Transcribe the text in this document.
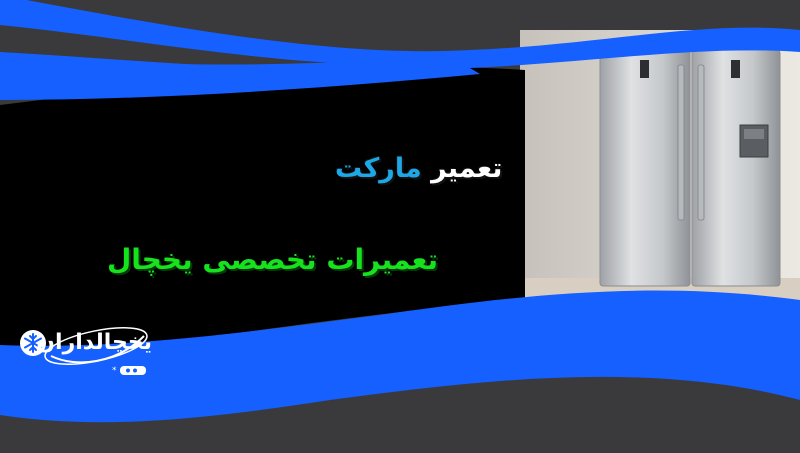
تعمیر مارکت
تعمیرات تخصصی یخچال
*
یخچالداران
